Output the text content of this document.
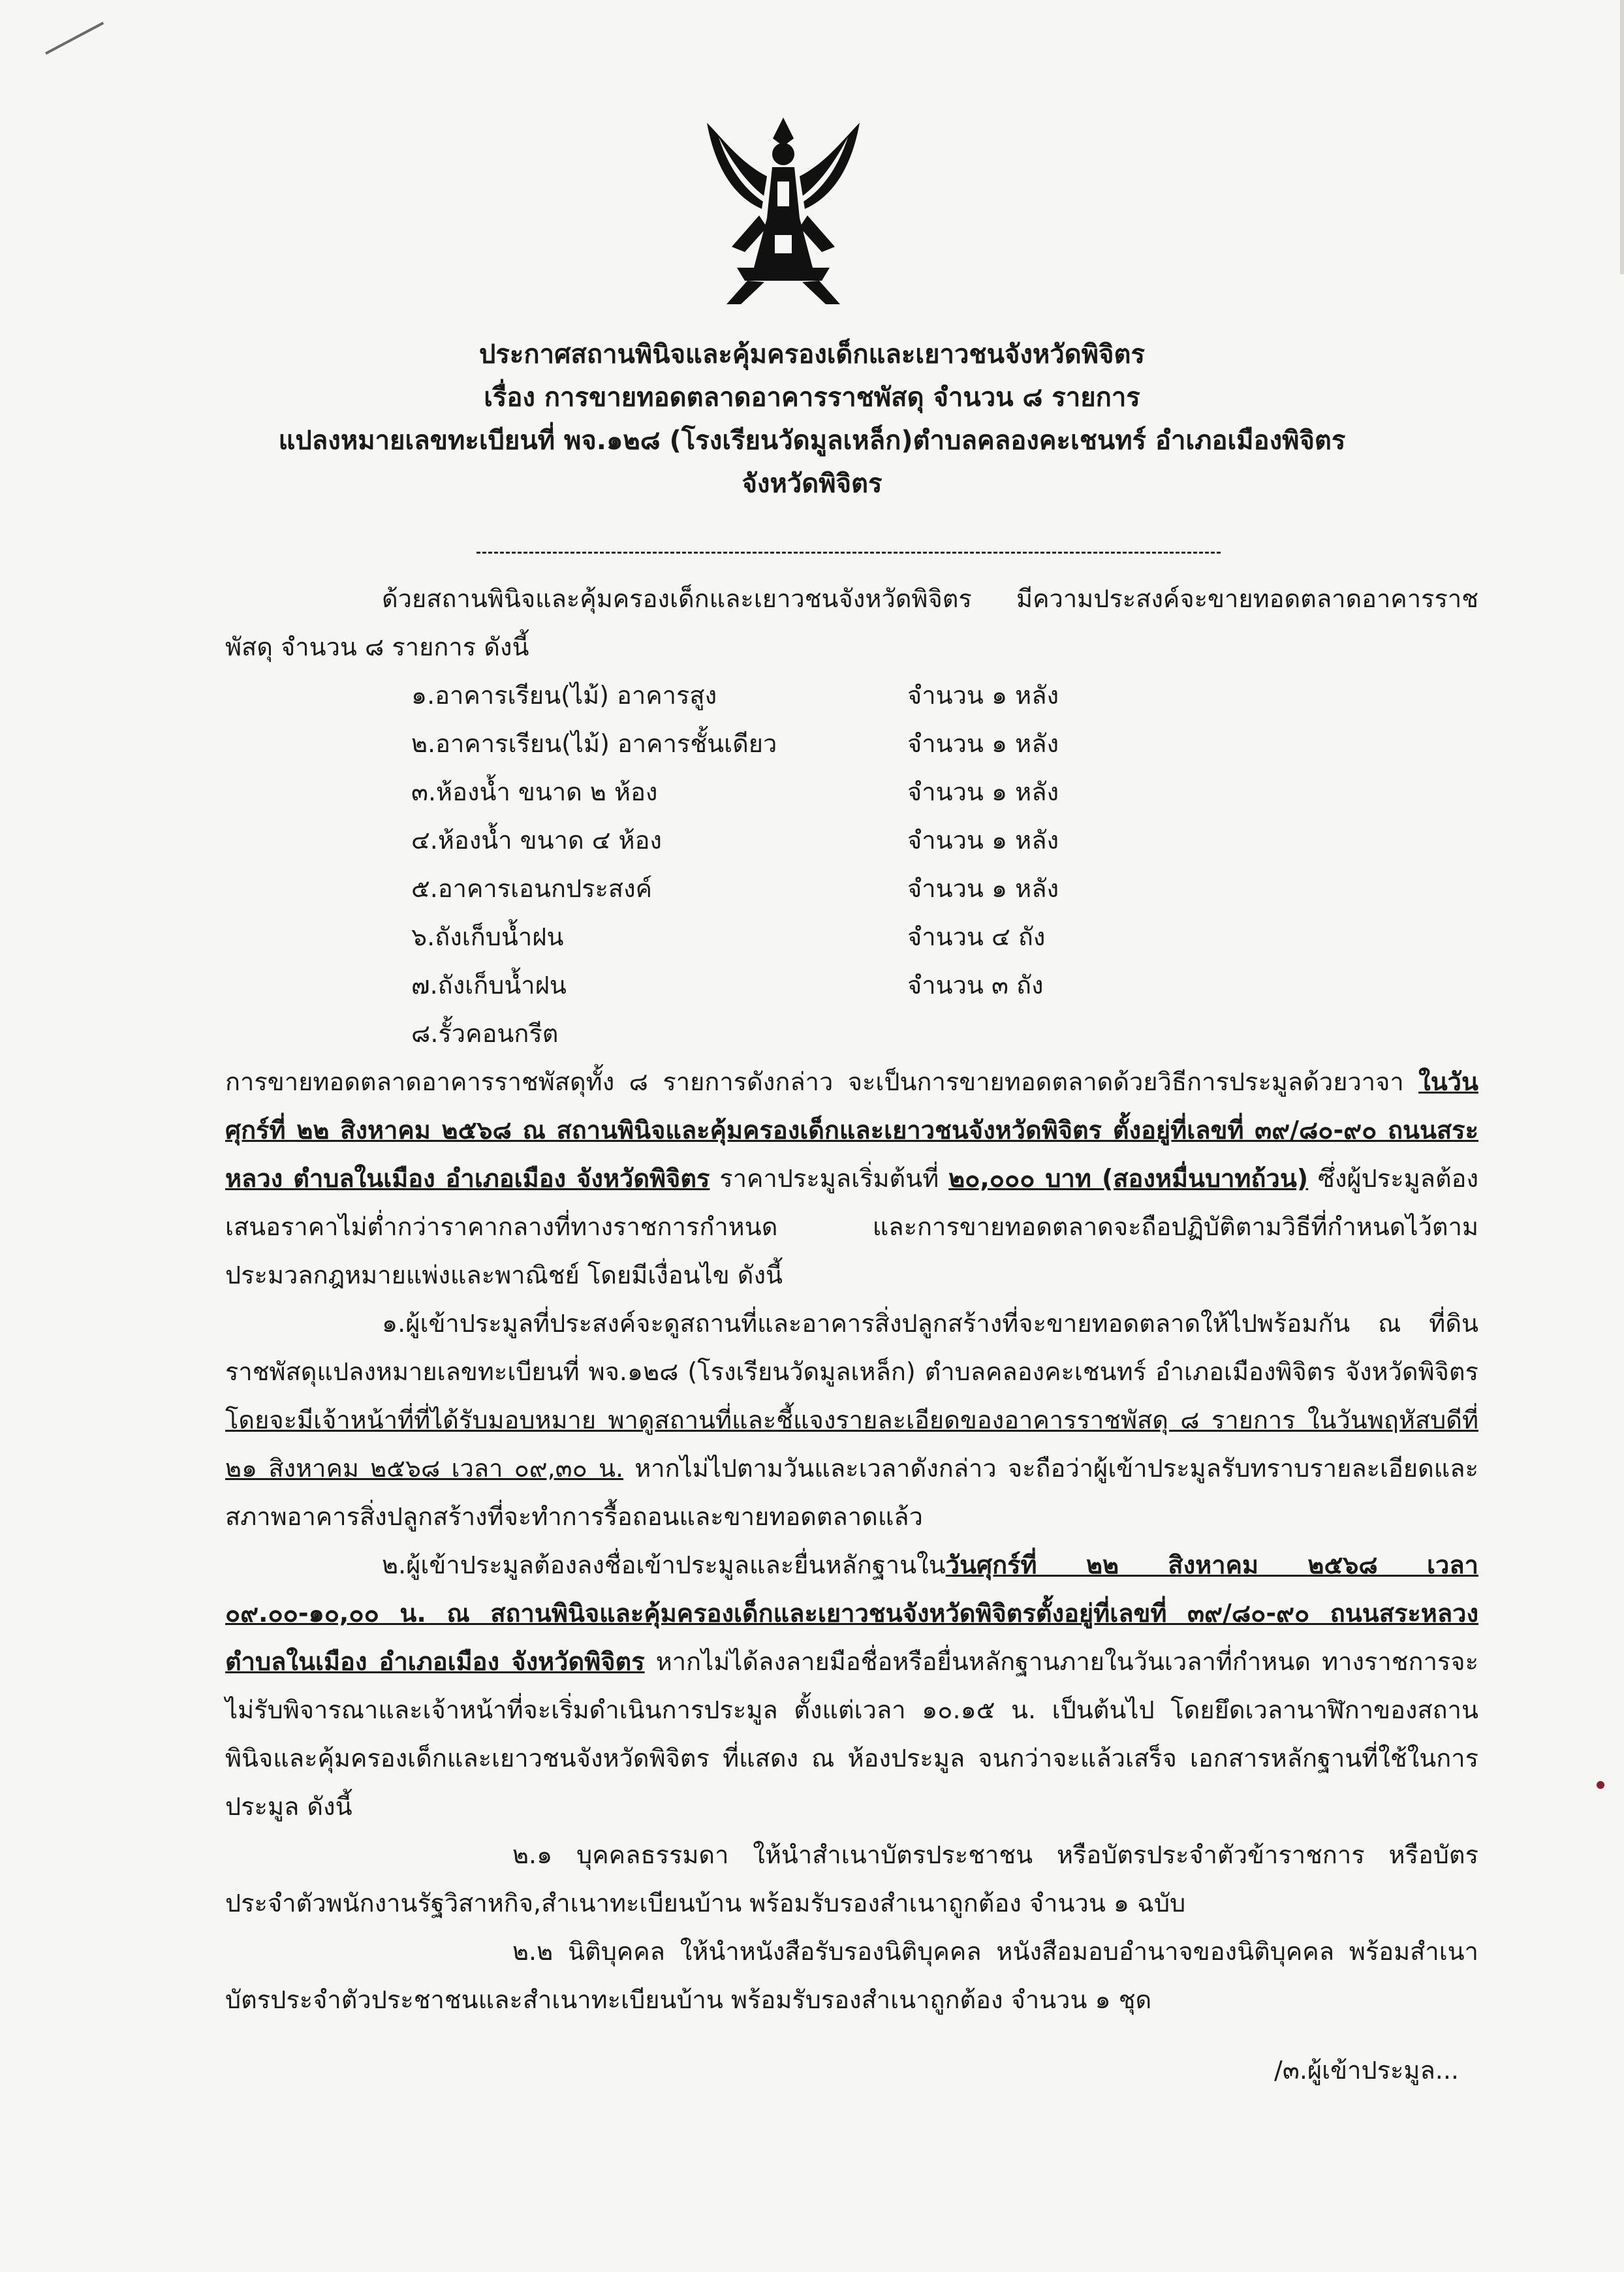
ประกาศสถานพินิจและคุ้มครองเด็กและเยาวชนจังหวัดพิจิตร
เรื่อง การขายทอดตลาดอาคารราชพัสดุ จำนวน ๘ รายการ
แปลงหมายเลขทะเบียนที่ พจ.๑๒๘ (โรงเรียนวัดมูลเหล็ก)ตำบลคลองคะเชนทร์ อำเภอเมืองพิจิตร
จังหวัดพิจิตร

ด้วยสถานพินิจและคุ้มครองเด็กและเยาวชนจังหวัดพิจิตร มีความประสงค์จะขายทอดตลาดอาคารราชพัสดุ จำนวน ๘ รายการ ดังนี้

๑.อาคารเรียน(ไม้) อาคารสูง	จำนวน ๑ หลัง
๒.อาคารเรียน(ไม้) อาคารชั้นเดียว	จำนวน ๑ หลัง
๓.ห้องน้ำ ขนาด ๒ ห้อง	จำนวน ๑ หลัง
๔.ห้องน้ำ ขนาด ๔ ห้อง	จำนวน ๑ หลัง
๕.อาคารเอนกประสงค์	จำนวน ๑ หลัง
๖.ถังเก็บน้ำฝน	จำนวน ๔ ถัง
๗.ถังเก็บน้ำฝน	จำนวน ๓ ถัง
๘.รั้วคอนกรีต

การขายทอดตลาดอาคารราชพัสดุทั้ง ๘ รายการดังกล่าว จะเป็นการขายทอดตลาดด้วยวิธีการประมูลด้วยวาจา ในวันศุกร์ที่ ๒๒ สิงหาคม ๒๕๖๘ ณ สถานพินิจและคุ้มครองเด็กและเยาวชนจังหวัดพิจิตร ตั้งอยู่ที่เลขที่ ๓๙/๘๐-๙๐ ถนนสระหลวง ตำบลในเมือง อำเภอเมือง จังหวัดพิจิตร ราคาประมูลเริ่มต้นที่ ๒๐,๐๐๐ บาท (สองหมื่นบาทถ้วน) ซึ่งผู้ประมูลต้องเสนอราคาไม่ต่ำกว่าราคากลางที่ทางราชการกำหนด และการขายทอดตลาดจะถือปฏิบัติตามวิธีที่กำหนดไว้ตามประมวลกฎหมายแพ่งและพาณิชย์ โดยมีเงื่อนไข ดังนี้

๑.ผู้เข้าประมูลที่ประสงค์จะดูสถานที่และอาคารสิ่งปลูกสร้างที่จะขายทอดตลาดให้ไปพร้อมกัน ณ ที่ดินราชพัสดุแปลงหมายเลขทะเบียนที่ พจ.๑๒๘ (โรงเรียนวัดมูลเหล็ก) ตำบลคลองคะเชนทร์ อำเภอเมืองพิจิตร จังหวัดพิจิตร โดยจะมีเจ้าหน้าที่ที่ได้รับมอบหมาย พาดูสถานที่และชี้แจงรายละเอียดของอาคารราชพัสดุ ๘ รายการ ในวันพฤหัสบดีที่ ๒๑ สิงหาคม ๒๕๖๘ เวลา ๐๙,๓๐ น. หากไม่ไปตามวันและเวลาดังกล่าว จะถือว่าผู้เข้าประมูลรับทราบรายละเอียดและสภาพอาคารสิ่งปลูกสร้างที่จะทำการรื้อถอนและขายทอดตลาดแล้ว

๒.ผู้เข้าประมูลต้องลงชื่อเข้าประมูลและยื่นหลักฐานในวันศุกร์ที่ ๒๒ สิงหาคม ๒๕๖๘ เวลา ๐๙.๐๐-๑๐,๐๐ น. ณ สถานพินิจและคุ้มครองเด็กและเยาวชนจังหวัดพิจิตรตั้งอยู่ที่เลขที่ ๓๙/๘๐-๙๐ ถนนสระหลวง ตำบลในเมือง อำเภอเมือง จังหวัดพิจิตร หากไม่ได้ลงลายมือชื่อหรือยื่นหลักฐานภายในวันเวลาที่กำหนด ทางราชการจะไม่รับพิจารณาและเจ้าหน้าที่จะเริ่มดำเนินการประมูล ตั้งแต่เวลา ๑๐.๑๕ น. เป็นต้นไป โดยยึดเวลานาฬิกาของสถานพินิจและคุ้มครองเด็กและเยาวชนจังหวัดพิจิตร ที่แสดง ณ ห้องประมูล จนกว่าจะแล้วเสร็จ เอกสารหลักฐานที่ใช้ในการประมูล ดังนี้

๒.๑ บุคคลธรรมดา ให้นำสำเนาบัตรประชาชน หรือบัตรประจำตัวข้าราชการ หรือบัตรประจำตัวพนักงานรัฐวิสาหกิจ,สำเนาทะเบียนบ้าน พร้อมรับรองสำเนาถูกต้อง จำนวน ๑ ฉบับ

๒.๒ นิติบุคคล ให้นำหนังสือรับรองนิติบุคคล หนังสือมอบอำนาจของนิติบุคคล พร้อมสำเนาบัตรประจำตัวประชาชนและสำเนาทะเบียนบ้าน พร้อมรับรองสำเนาถูกต้อง จำนวน ๑ ชุด

/๓.ผู้เข้าประมูล...
